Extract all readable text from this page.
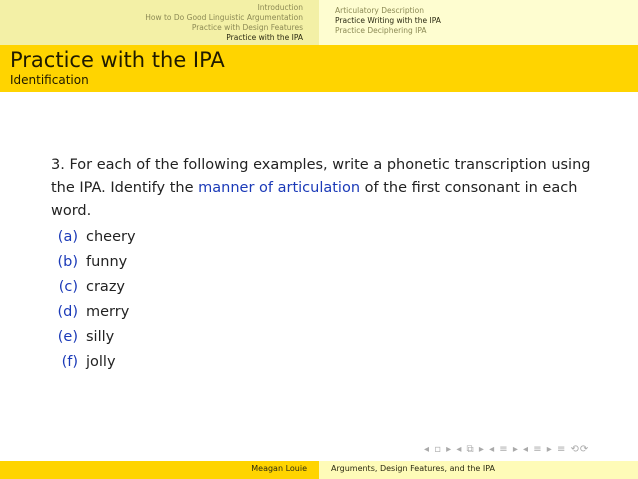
Introduction
How to Do Good Linguistic Argumentation
Practice with Design Features
Practice with the IPA
Articulatory Description
Practice Writing with the IPA
Practice Deciphering IPA
Practice with the IPA
Identification
3. For each of the following examples, write a phonetic transcription using the IPA. Identify the manner of articulation of the first consonant in each word.
(a) cheery
(b) funny
(c) crazy
(d) merry
(e) silly
(f) jolly
◂ ▫ ▸ ◂ ⧉ ▸ ◂ ≡ ▸ ◂ ≡ ▸ ≡ ⟲⟳
Meagan Louie	Arguments, Design Features, and the IPA
